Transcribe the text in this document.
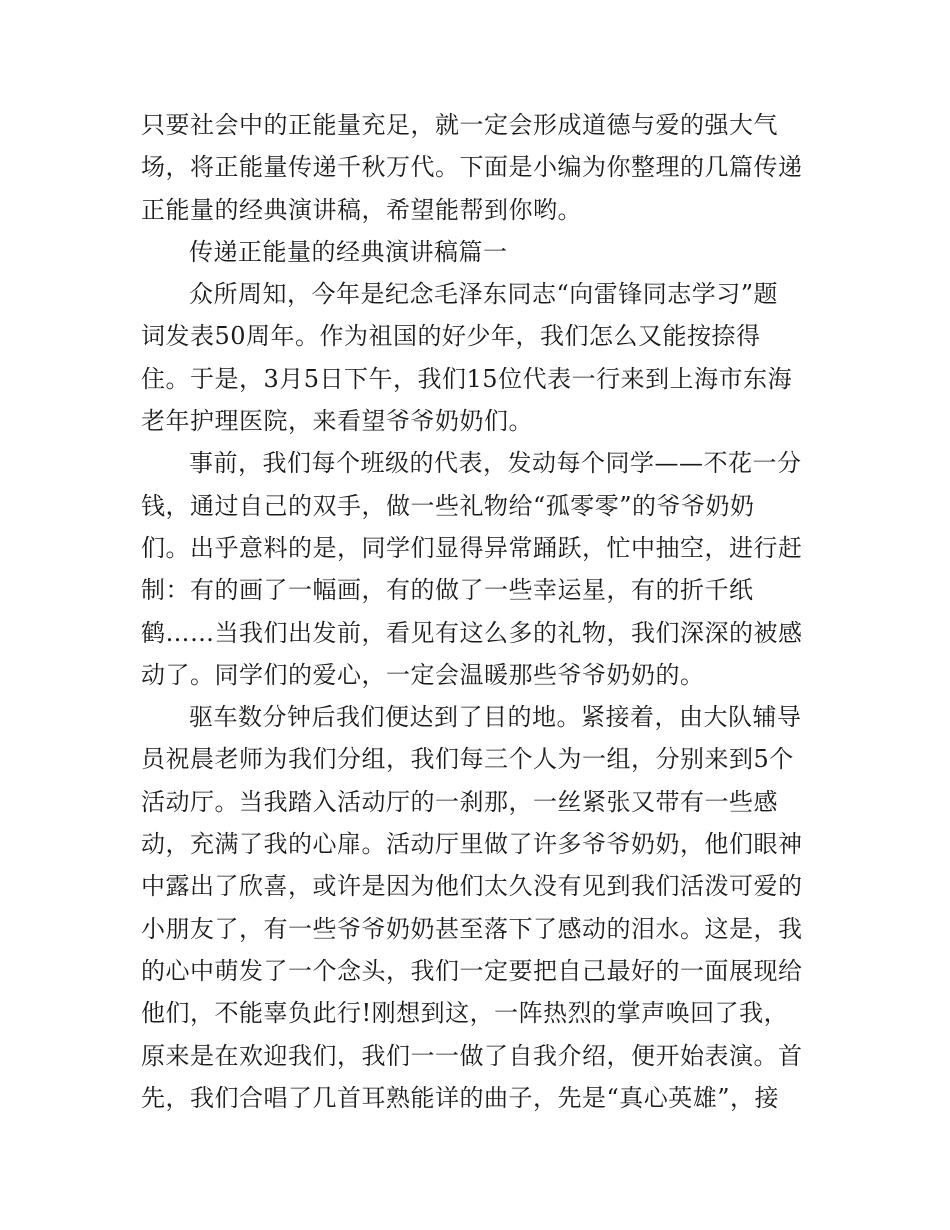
只要社会中的正能量充足，就一定会形成道德与爱的强大气
场，将正能量传递千秋万代。下面是小编为你整理的几篇传递
正能量的经典演讲稿，希望能帮到你哟。
传递正能量的经典演讲稿篇一
众所周知，今年是纪念毛泽东同志“向雷锋同志学习”题
词发表50周年。作为祖国的好少年，我们怎么又能按捺得
住。于是，3月5日下午，我们15位代表一行来到上海市东海
老年护理医院，来看望爷爷奶奶们。
事前，我们每个班级的代表，发动每个同学——不花一分
钱，通过自己的双手，做一些礼物给“孤零零”的爷爷奶奶
们。出乎意料的是，同学们显得异常踊跃，忙中抽空，进行赶
制：有的画了一幅画，有的做了一些幸运星，有的折千纸
鹤……当我们出发前，看见有这么多的礼物，我们深深的被感
动了。同学们的爱心，一定会温暖那些爷爷奶奶的。
驱车数分钟后我们便达到了目的地。紧接着，由大队辅导
员祝晨老师为我们分组，我们每三个人为一组，分别来到5个
活动厅。当我踏入活动厅的一刹那，一丝紧张又带有一些感
动，充满了我的心扉。活动厅里做了许多爷爷奶奶，他们眼神
中露出了欣喜，或许是因为他们太久没有见到我们活泼可爱的
小朋友了，有一些爷爷奶奶甚至落下了感动的泪水。这是，我
的心中萌发了一个念头，我们一定要把自己最好的一面展现给
他们，不能辜负此行!刚想到这，一阵热烈的掌声唤回了我，
原来是在欢迎我们，我们一一做了自我介绍，便开始表演。首
先，我们合唱了几首耳熟能详的曲子，先是“真心英雄”，接
